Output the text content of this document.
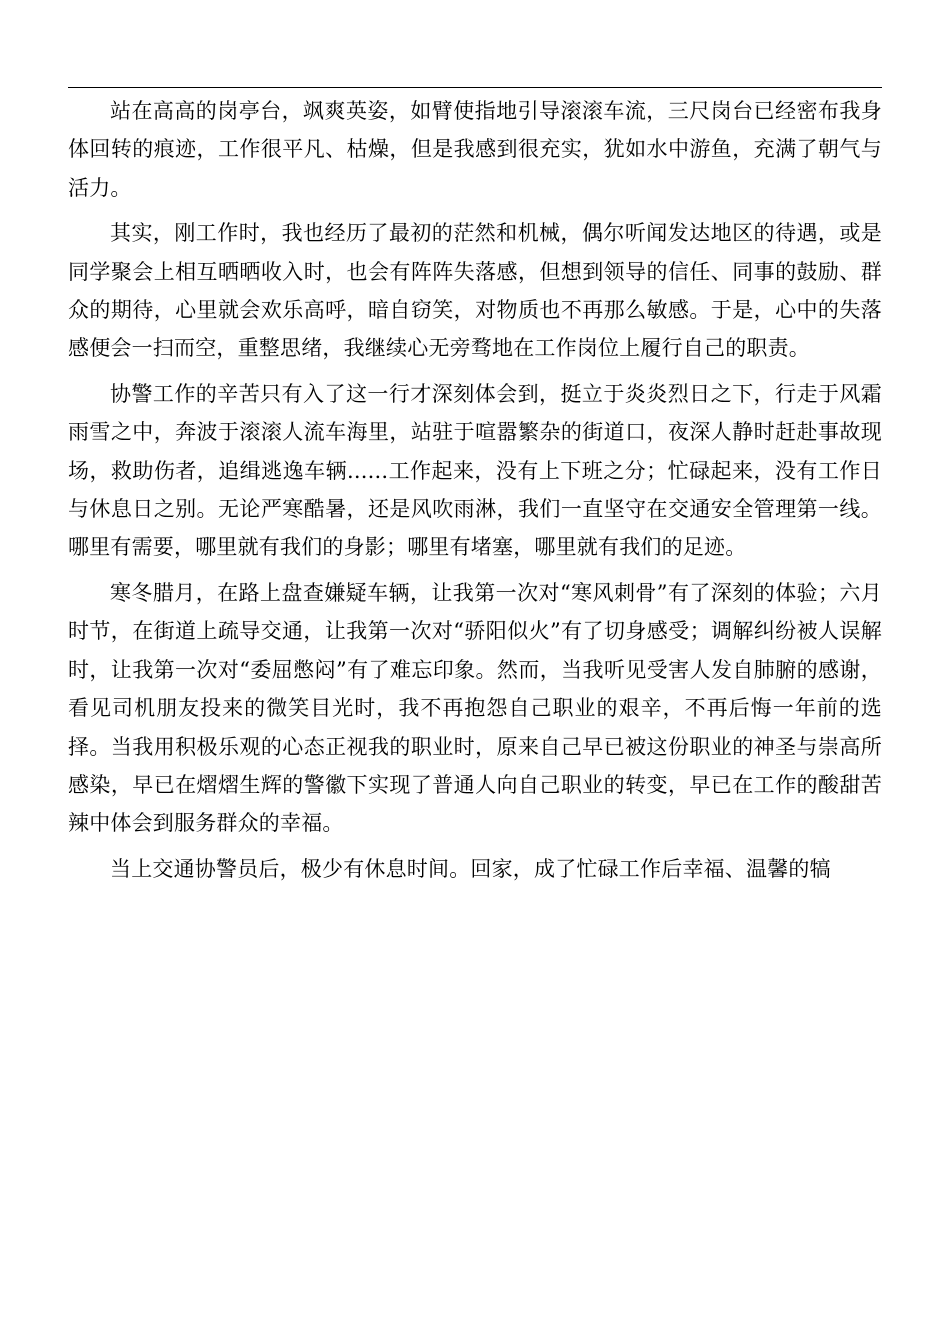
站在高高的岗亭台，飒爽英姿，如臂使指地引导滚滚车流，三尺岗台已经密布我身体回转的痕迹，工作很平凡、枯燥，但是我感到很充实，犹如水中游鱼，充满了朝气与活力。

其实，刚工作时，我也经历了最初的茫然和机械，偶尔听闻发达地区的待遇，或是同学聚会上相互晒晒收入时，也会有阵阵失落感，但想到领导的信任、同事的鼓励、群众的期待，心里就会欢乐高呼，暗自窃笑，对物质也不再那么敏感。于是，心中的失落感便会一扫而空，重整思绪，我继续心无旁骛地在工作岗位上履行自己的职责。

协警工作的辛苦只有入了这一行才深刻体会到，挺立于炎炎烈日之下，行走于风霜雨雪之中，奔波于滚滚人流车海里，站驻于喧嚣繁杂的街道口，夜深人静时赶赴事故现场，救助伤者，追缉逃逸车辆......工作起来，没有上下班之分；忙碌起来，没有工作日与休息日之别。无论严寒酷暑，还是风吹雨淋，我们一直坚守在交通安全管理第一线。哪里有需要，哪里就有我们的身影；哪里有堵塞，哪里就有我们的足迹。

寒冬腊月，在路上盘查嫌疑车辆，让我第一次对“寒风刺骨”有了深刻的体验；六月时节，在街道上疏导交通，让我第一次对“骄阳似火”有了切身感受；调解纠纷被人误解时，让我第一次对“委屈憋闷”有了难忘印象。然而，当我听见受害人发自肺腑的感谢，看见司机朋友投来的微笑目光时，我不再抱怨自己职业的艰辛，不再后悔一年前的选择。当我用积极乐观的心态正视我的职业时，原来自己早已被这份职业的神圣与崇高所感染，早已在熠熠生辉的警徽下实现了普通人向自己职业的转变，早已在工作的酸甜苦辣中体会到服务群众的幸福。

当上交通协警员后，极少有休息时间。回家，成了忙碌工作后幸福、温馨的犒
